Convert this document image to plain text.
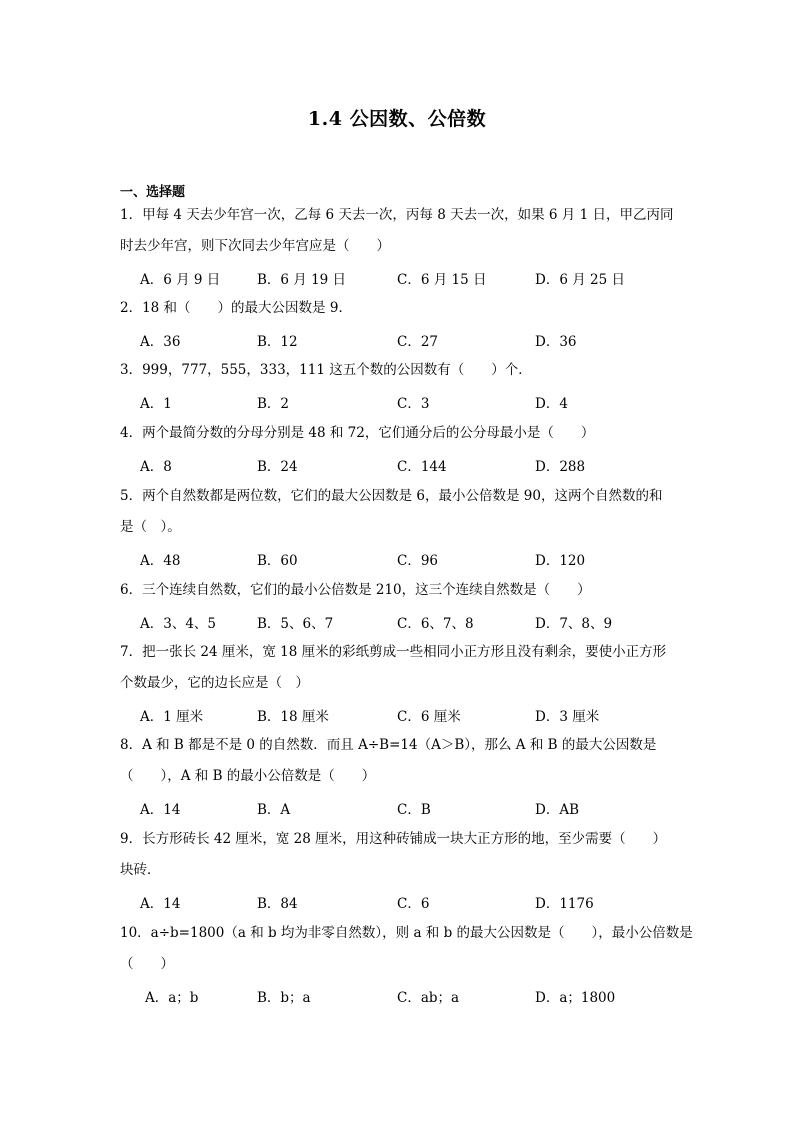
1.4 公因数、公倍数
一、选择题
1．甲每 4 天去少年宫一次，乙每 6 天去一次，丙每 8 天去一次，如果 6 月 1 日，甲乙丙同
时去少年宫，则下次同去少年宫应是（　　）
A．6 月 9 日	B．6 月 19 日	C．6 月 15 日	D．6 月 25 日
2．18 和（　　）的最大公因数是 9．
A．36	B．12	C．27	D．36
3．999，777，555，333，111 这五个数的公因数有（　　）个．
A．1	B．2	C．3	D．4
4．两个最简分数的分母分别是 48 和 72，它们通分后的公分母最小是（　　）
A．8	B．24	C．144	D．288
5．两个自然数都是两位数，它们的最大公因数是 6，最小公倍数是 90，这两个自然数的和
是（　）。
A．48	B．60	C．96	D．120
6．三个连续自然数，它们的最小公倍数是 210，这三个连续自然数是（　　）
A．3、4、5	B．5、6、7	C．6、7、8	D．7、8、9
7．把一张长 24 厘米，宽 18 厘米的彩纸剪成一些相同小正方形且没有剩余，要使小正方形
个数最少，它的边长应是（　）
A．1 厘米	B．18 厘米	C．6 厘米	D．3 厘米
8．A 和 B 都是不是 0 的自然数．而且 A÷B=14（A＞B），那么 A 和 B 的最大公因数是
（　　），A 和 B 的最小公倍数是（　　）
A．14	B．A	C．B	D．AB
9．长方形砖长 42 厘米，宽 28 厘米，用这种砖铺成一块大正方形的地，至少需要（　　）
块砖．
A．14	B．84	C．6	D．1176
10．a÷b=1800（a 和 b 均为非零自然数），则 a 和 b 的最大公因数是（　　），最小公倍数是
（　　）
A．a；b	B．b；a	C．ab；a	D．a；1800
